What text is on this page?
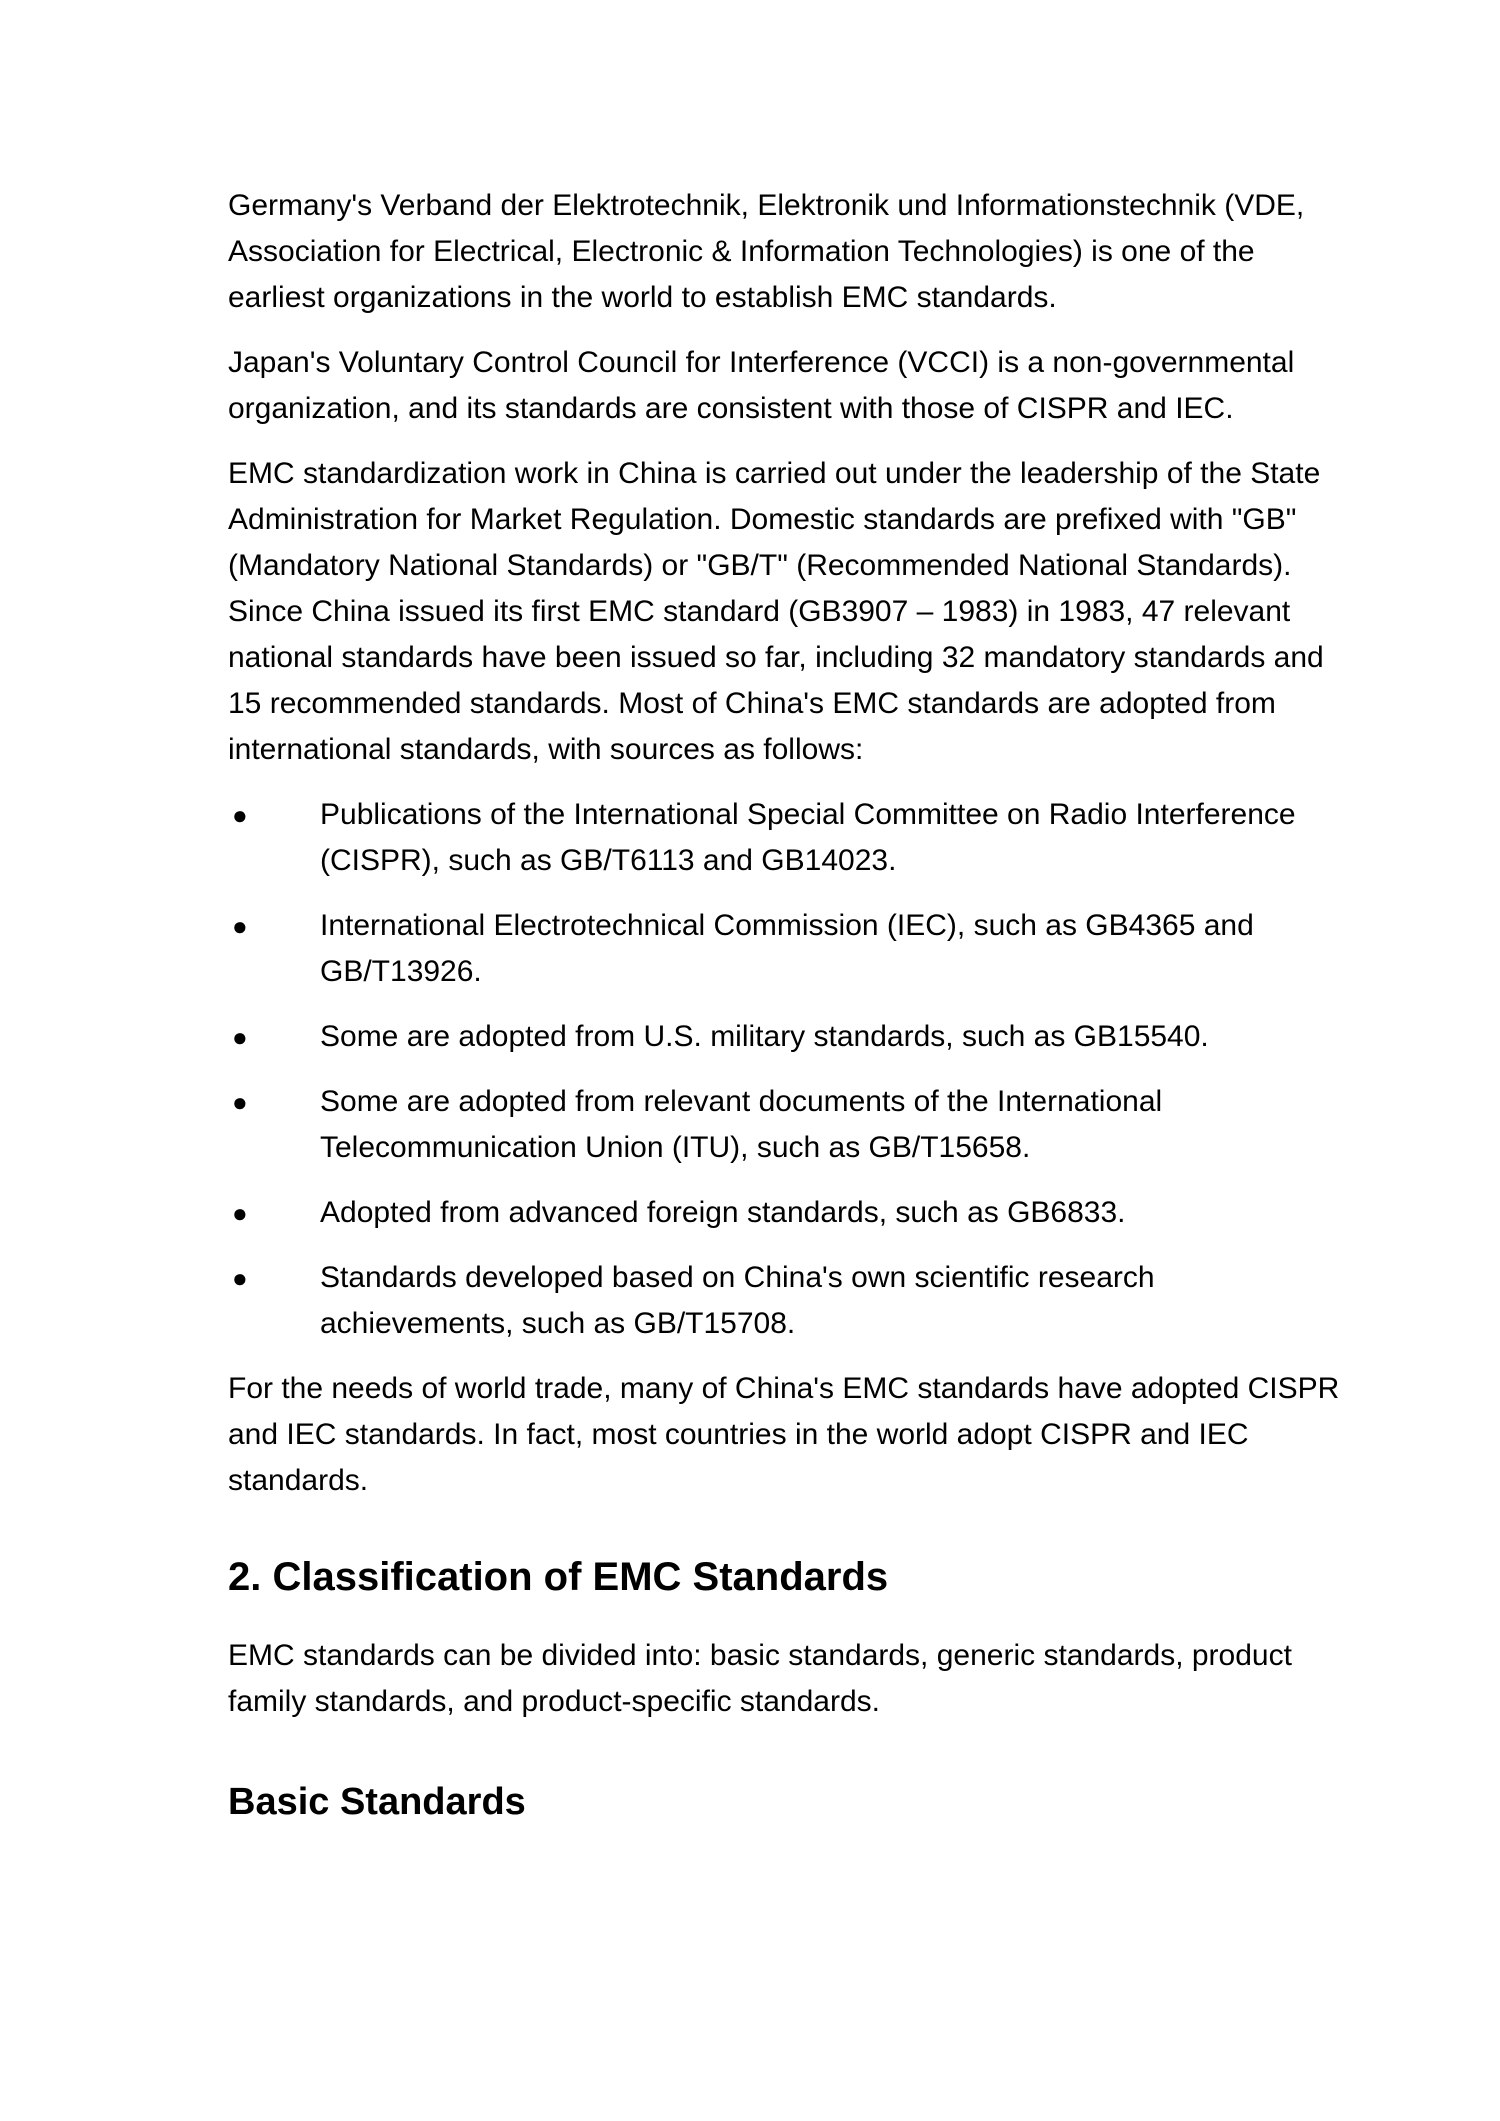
Germany's Verband der Elektrotechnik, Elektronik und Informationstechnik (VDE,
Association for Electrical, Electronic & Information Technologies) is one of the
earliest organizations in the world to establish EMC standards.

Japan's Voluntary Control Council for Interference (VCCI) is a non-governmental
organization, and its standards are consistent with those of CISPR and IEC.

EMC standardization work in China is carried out under the leadership of the State
Administration for Market Regulation. Domestic standards are prefixed with "GB"
(Mandatory National Standards) or "GB/T" (Recommended National Standards).
Since China issued its first EMC standard (GB3907 – 1983) in 1983, 47 relevant
national standards have been issued so far, including 32 mandatory standards and
15 recommended standards. Most of China's EMC standards are adopted from
international standards, with sources as follows:

● Publications of the International Special Committee on Radio Interference
(CISPR), such as GB/T6113 and GB14023.
● International Electrotechnical Commission (IEC), such as GB4365 and
GB/T13926.
● Some are adopted from U.S. military standards, such as GB15540.
● Some are adopted from relevant documents of the International
Telecommunication Union (ITU), such as GB/T15658.
● Adopted from advanced foreign standards, such as GB6833.
● Standards developed based on China's own scientific research
achievements, such as GB/T15708.

For the needs of world trade, many of China's EMC standards have adopted CISPR
and IEC standards. In fact, most countries in the world adopt CISPR and IEC
standards.

2. Classification of EMC Standards

EMC standards can be divided into: basic standards, generic standards, product
family standards, and product-specific standards.

Basic Standards
